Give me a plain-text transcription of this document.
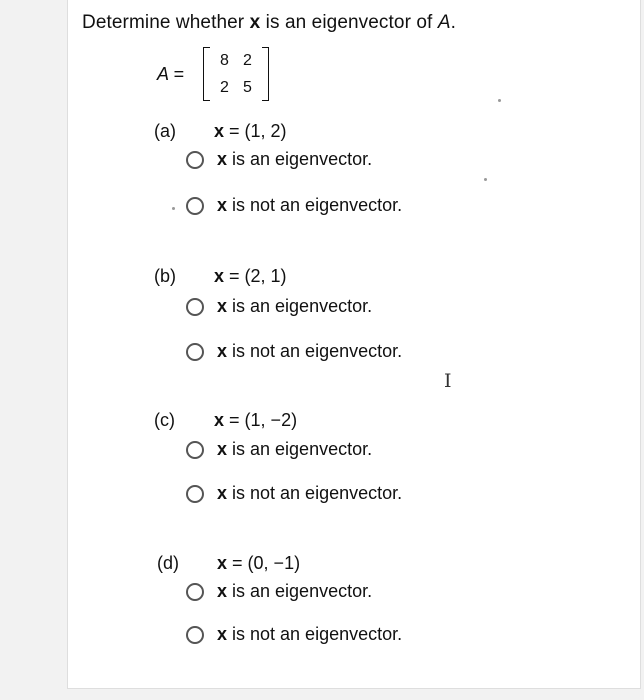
Determine whether x is an eigenvector of A.
A =
8 2
2 5
(a) x = (1, 2)
x is an eigenvector.
x is not an eigenvector.
(b) x = (2, 1)
x is an eigenvector.
x is not an eigenvector.
(c) x = (1, −2)
x is an eigenvector.
x is not an eigenvector.
(d) x = (0, −1)
x is an eigenvector.
x is not an eigenvector.
I
